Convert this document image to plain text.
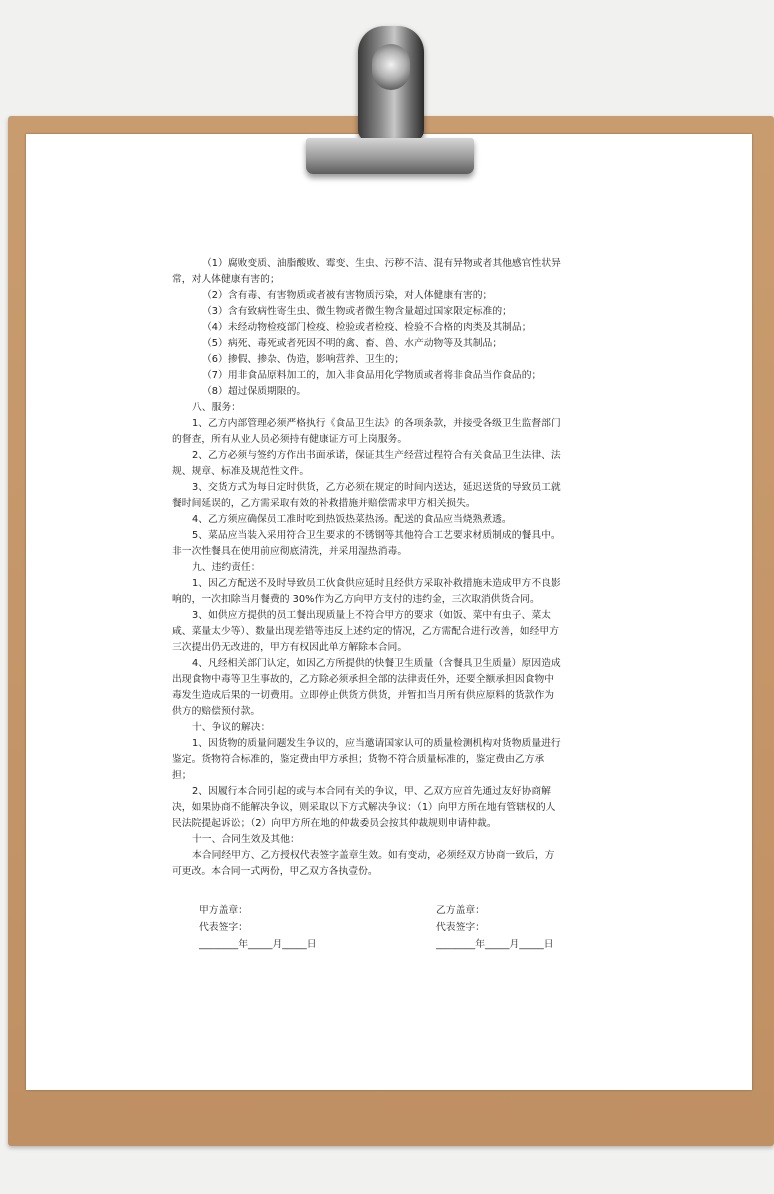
（1）腐败变质、油脂酸败、霉变、生虫、污秽不洁、混有异物或者其他感官性状异

常，对人体健康有害的；

（2）含有毒、有害物质或者被有害物质污染，对人体健康有害的；

（3）含有致病性寄生虫、微生物或者微生物含量超过国家限定标准的；

（4）未经动物检疫部门检疫、检验或者检疫、检验不合格的肉类及其制品；

（5）病死、毒死或者死因不明的禽、畜、兽、水产动物等及其制品；

（6）掺假、掺杂、伪造，影响营养、卫生的；

（7）用非食品原料加工的，加入非食品用化学物质或者将非食品当作食品的；

（8）超过保质期限的。

八、服务：

1、乙方内部管理必须严格执行《食品卫生法》的各项条款，并接受各级卫生监督部门

的督查，所有从业人员必须持有健康证方可上岗服务。

2、乙方必须与签约方作出书面承诺，保证其生产经营过程符合有关食品卫生法律、法

规、规章、标准及规范性文件。

3、交货方式为每日定时供货，乙方必须在规定的时间内送达，延迟送货的导致员工就

餐时间延误的，乙方需采取有效的补救措施并赔偿需求甲方相关损失。

4、乙方须应确保员工准时吃到热饭热菜热汤。配送的食品应当烧熟煮透。

5、菜品应当装入采用符合卫生要求的不锈钢等其他符合工艺要求材质制成的餐具中。

非一次性餐具在使用前应彻底清洗，并采用湿热消毒。

九、违约责任：

1、因乙方配送不及时导致员工伙食供应延时且经供方采取补救措施未造成甲方不良影

响的，一次扣除当月餐费的 30%作为乙方向甲方支付的违约金，三次取消供货合同。

3、如供应方提供的员工餐出现质量上不符合甲方的要求（如饭、菜中有虫子、菜太

咸、菜量太少等）、数量出现差错等违反上述约定的情况，乙方需配合进行改善，如经甲方

三次提出仍无改进的，甲方有权因此单方解除本合同。

4、凡经相关部门认定，如因乙方所提供的快餐卫生质量（含餐具卫生质量）原因造成

出现食物中毒等卫生事故的，乙方除必须承担全部的法律责任外，还要全额承担因食物中

毒发生造成后果的一切费用。立即停止供货方供货，并暂扣当月所有供应原料的货款作为

供方的赔偿预付款。

十、争议的解决：

1、因货物的质量问题发生争议的，应当邀请国家认可的质量检测机构对货物质量进行

鉴定。货物符合标准的，鉴定费由甲方承担；货物不符合质量标准的，鉴定费由乙方承

担；

2、因履行本合同引起的或与本合同有关的争议，甲、乙双方应首先通过友好协商解

决，如果协商不能解决争议，则采取以下方式解决争议：（1）向甲方所在地有管辖权的人

民法院提起诉讼；（2）向甲方所在地的仲裁委员会按其仲裁规则申请仲裁。

十一、合同生效及其他：

本合同经甲方、乙方授权代表签字盖章生效。如有变动，必须经双方协商一致后，方

可更改。本合同一式两份，甲乙双方各执壹份。

甲方盖章：

代表签字：

________年_____月_____日

乙方盖章：

代表签字：

________年_____月_____日
